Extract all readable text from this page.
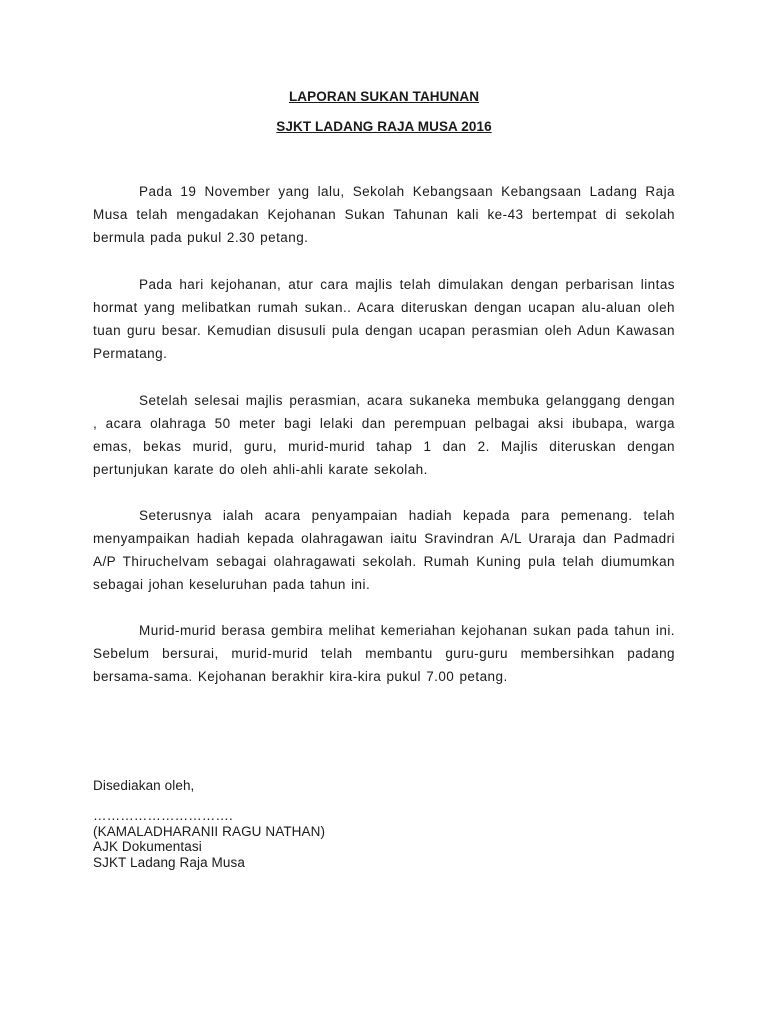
LAPORAN SUKAN TAHUNAN
SJKT LADANG RAJA MUSA 2016

Pada 19 November yang lalu, Sekolah Kebangsaan Kebangsaan Ladang Raja Musa telah mengadakan Kejohanan Sukan Tahunan kali ke-43 bertempat di sekolah bermula pada pukul 2.30 petang.

Pada hari kejohanan, atur cara majlis telah dimulakan dengan perbarisan lintas hormat yang melibatkan rumah sukan.. Acara diteruskan dengan ucapan alu-aluan oleh tuan guru besar. Kemudian disusuli pula dengan ucapan perasmian oleh Adun Kawasan Permatang.

Setelah selesai majlis perasmian, acara sukaneka membuka gelanggang dengan , acara olahraga 50 meter bagi lelaki dan perempuan pelbagai aksi ibubapa, warga emas, bekas murid, guru, murid-murid tahap 1 dan 2. Majlis diteruskan dengan pertunjukan karate do oleh ahli-ahli karate sekolah.

Seterusnya ialah acara penyampaian hadiah kepada para pemenang. telah menyampaikan hadiah kepada olahragawan iaitu Sravindran A/L Uraraja dan Padmadri A/P Thiruchelvam sebagai olahragawati sekolah. Rumah Kuning pula telah diumumkan sebagai johan keseluruhan pada tahun ini.

Murid-murid berasa gembira melihat kemeriahan kejohanan sukan pada tahun ini. Sebelum bersurai, murid-murid telah membantu guru-guru membersihkan padang bersama-sama. Kejohanan berakhir kira-kira pukul 7.00 petang.

Disediakan oleh,
………………………….
(KAMALADHARANII RAGU NATHAN)
AJK Dokumentasi
SJKT Ladang Raja Musa
